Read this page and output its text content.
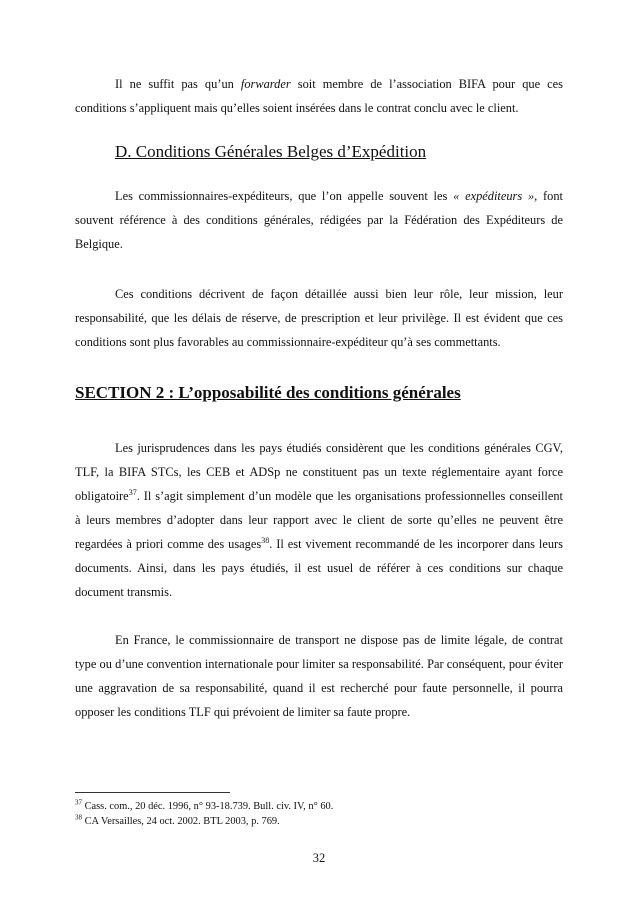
Il ne suffit pas qu’un forwarder soit membre de l’association BIFA pour que ces conditions s’appliquent mais qu’elles soient insérées dans le contrat conclu avec le client.

D. Conditions Générales Belges d’Expédition

Les commissionnaires-expéditeurs, que l’on appelle souvent les « expéditeurs », font souvent référence à des conditions générales, rédigées par la Fédération des Expéditeurs de Belgique.

Ces conditions décrivent de façon détaillée aussi bien leur rôle, leur mission, leur responsabilité, que les délais de réserve, de prescription et leur privilège. Il est évident que ces conditions sont plus favorables au commissionnaire-expéditeur qu’à ses commettants.

SECTION 2 : L’opposabilité des conditions générales

Les jurisprudences dans les pays étudiés considèrent que les conditions générales CGV, TLF, la BIFA STCs, les CEB et ADSp ne constituent pas un texte réglementaire ayant force obligatoire$^{37}$. Il s’agit simplement d’un modèle que les organisations professionnelles conseillent à leurs membres d’adopter dans leur rapport avec le client de sorte qu’elles ne peuvent être regardées à priori comme des usages$^{38}$. Il est vivement recommandé de les incorporer dans leurs documents. Ainsi, dans les pays étudiés, il est usuel de référer à ces conditions sur chaque document transmis.

En France, le commissionnaire de transport ne dispose pas de limite légale, de contrat type ou d’une convention internationale pour limiter sa responsabilité. Par conséquent, pour éviter une aggravation de sa responsabilité, quand il est recherché pour faute personnelle, il pourra opposer les conditions TLF qui prévoient de limiter sa faute propre.

$^{37}$ Cass. com., 20 déc. 1996, n° 93-18.739. Bull. civ. IV, n° 60.

$^{38}$ CA Versailles, 24 oct. 2002. BTL 2003, p. 769.

32
